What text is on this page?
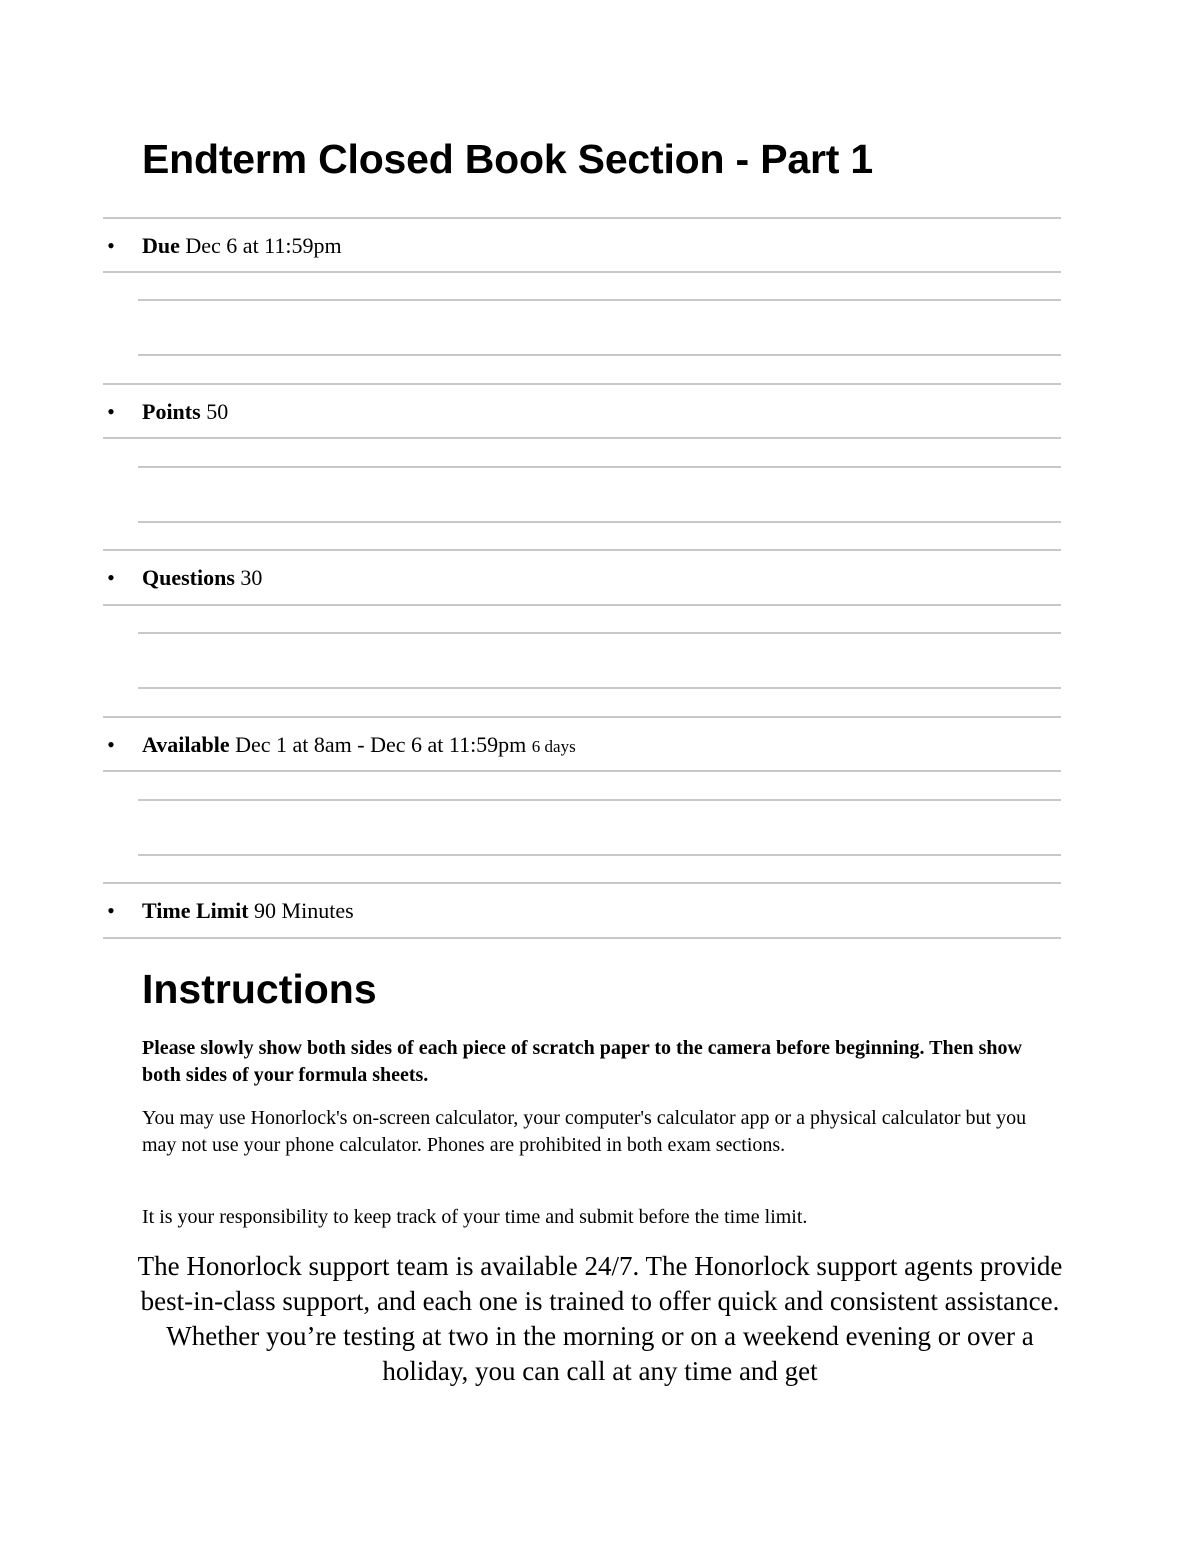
Endterm Closed Book Section - Part 1
• Due Dec 6 at 11:59pm
• Points 50
• Questions 30
• Available Dec 1 at 8am - Dec 6 at 11:59pm 6 days
• Time Limit 90 Minutes
Instructions

Please slowly show both sides of each piece of scratch paper to the camera before beginning. Then show both sides of your formula sheets.

You may use Honorlock's on-screen calculator, your computer's calculator app or a physical calculator but you may not use your phone calculator. Phones are prohibited in both exam sections.

It is your responsibility to keep track of your time and submit before the time limit.

The Honorlock support team is available 24/7. The Honorlock support agents provide best-in-class support, and each one is trained to offer quick and consistent assistance. Whether you’re testing at two in the morning or on a weekend evening or over a holiday, you can call at any time and get
